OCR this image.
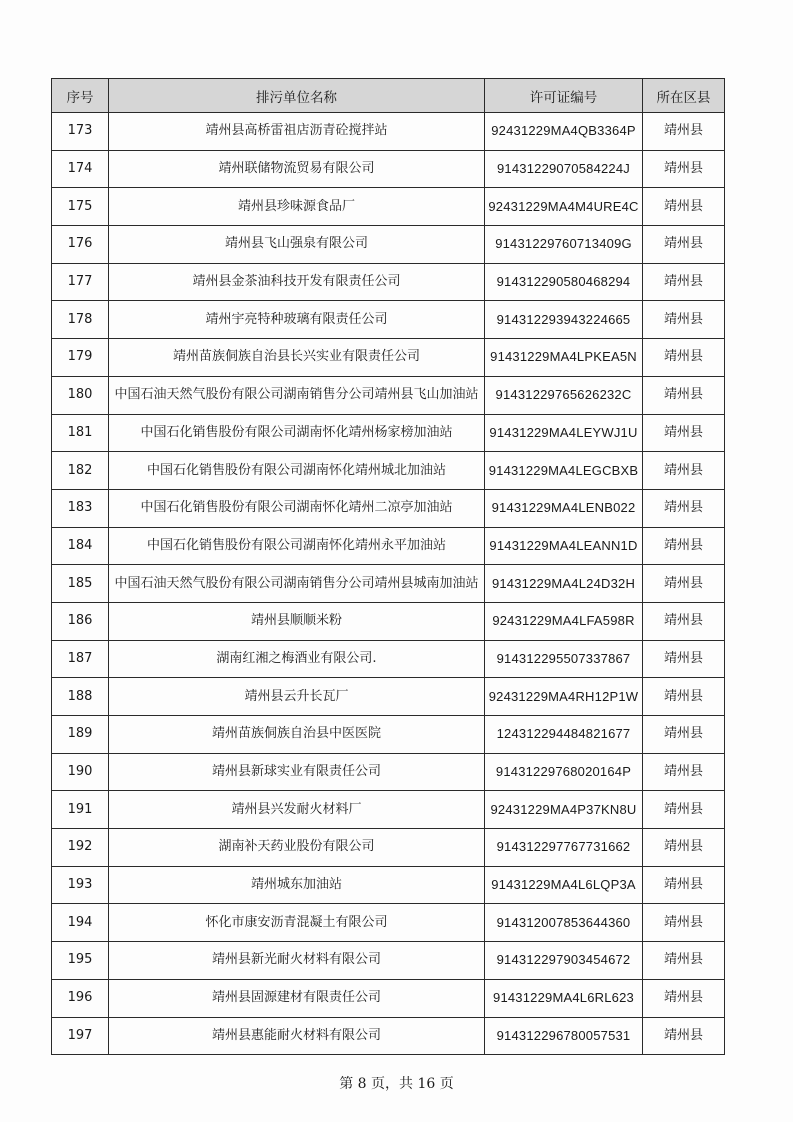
序号	排污单位名称	许可证编号	所在区县
173	靖州县高桥雷祖店沥青砼搅拌站	92431229MA4QB3364P	靖州县
174	靖州联储物流贸易有限公司	91431229070584224J	靖州县
175	靖州县珍味源食品厂	92431229MA4M4URE4C	靖州县
176	靖州县飞山强泉有限公司	91431229760713409G	靖州县
177	靖州县金茶油科技开发有限责任公司	914312290580468294	靖州县
178	靖州宇亮特种玻璃有限责任公司	914312293943224665	靖州县
179	靖州苗族侗族自治县长兴实业有限责任公司	91431229MA4LPKEA5N	靖州县
180	中国石油天然气股份有限公司湖南销售分公司靖州县飞山加油站	91431229765626232C	靖州县
181	中国石化销售股份有限公司湖南怀化靖州杨家榜加油站	91431229MA4LEYWJ1U	靖州县
182	中国石化销售股份有限公司湖南怀化靖州城北加油站	91431229MA4LEGCBXB	靖州县
183	中国石化销售股份有限公司湖南怀化靖州二凉亭加油站	91431229MA4LENB022	靖州县
184	中国石化销售股份有限公司湖南怀化靖州永平加油站	91431229MA4LEANN1D	靖州县
185	中国石油天然气股份有限公司湖南销售分公司靖州县城南加油站	91431229MA4L24D32H	靖州县
186	靖州县顺顺米粉	92431229MA4LFA598R	靖州县
187	湖南红湘之梅酒业有限公司.	914312295507337867	靖州县
188	靖州县云升长瓦厂	92431229MA4RH12P1W	靖州县
189	靖州苗族侗族自治县中医医院	124312294484821677	靖州县
190	靖州县新球实业有限责任公司	91431229768020164P	靖州县
191	靖州县兴发耐火材料厂	92431229MA4P37KN8U	靖州县
192	湖南补天药业股份有限公司	914312297767731662	靖州县
193	靖州城东加油站	91431229MA4L6LQP3A	靖州县
194	怀化市康安沥青混凝土有限公司	914312007853644360	靖州县
195	靖州县新光耐火材料有限公司	914312297903454672	靖州县
196	靖州县固源建材有限责任公司	91431229MA4L6RL623	靖州县
197	靖州县惠能耐火材料有限公司	914312296780057531	靖州县
第 8 页，共 16 页
